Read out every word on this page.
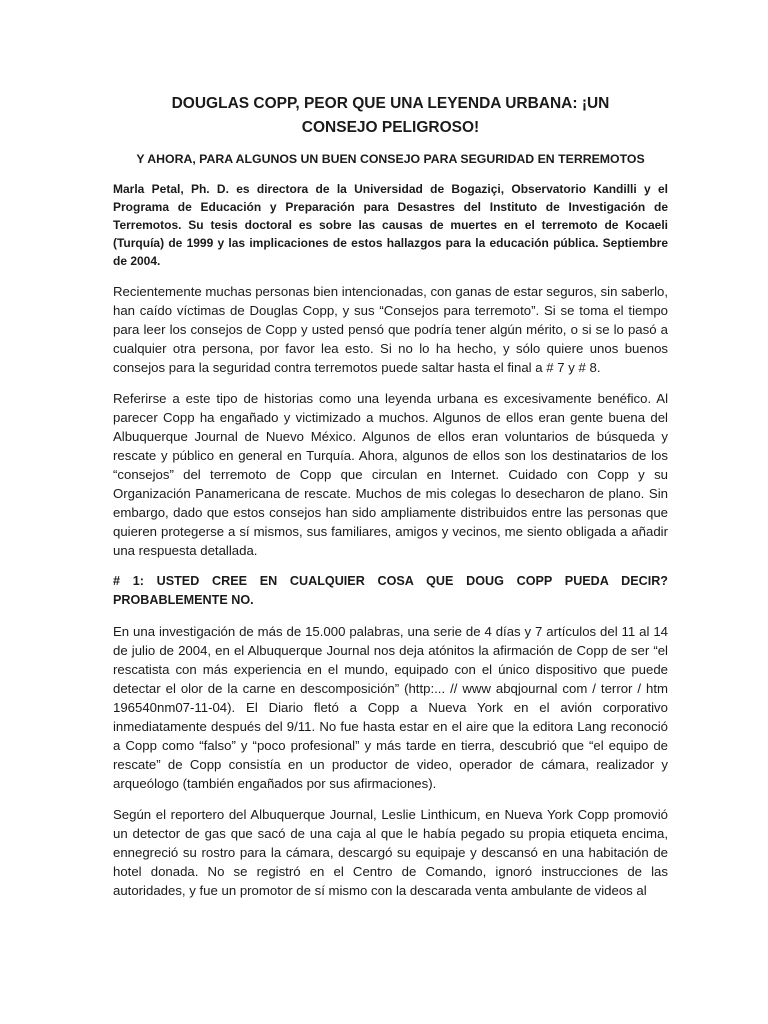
DOUGLAS COPP, PEOR QUE UNA LEYENDA URBANA: ¡UN CONSEJO PELIGROSO!
Y AHORA, PARA ALGUNOS UN BUEN CONSEJO PARA SEGURIDAD EN TERREMOTOS

Marla Petal, Ph. D. es directora de la Universidad de Bogaziçi, Observatorio Kandilli y el Programa de Educación y Preparación para Desastres del Instituto de Investigación de Terremotos. Su tesis doctoral es sobre las causas de muertes en el terremoto de Kocaeli (Turquía) de 1999 y las implicaciones de estos hallazgos para la educación pública. Septiembre de 2004.

Recientemente muchas personas bien intencionadas, con ganas de estar seguros, sin saberlo, han caído víctimas de Douglas Copp, y sus “Consejos para terremoto”. Si se toma el tiempo para leer los consejos de Copp y usted pensó que podría tener algún mérito, o si se lo pasó a cualquier otra persona, por favor lea esto. Si no lo ha hecho, y sólo quiere unos buenos consejos para la seguridad contra terremotos puede saltar hasta el final a # 7 y # 8.

Referirse a este tipo de historias como una leyenda urbana es excesivamente benéfico. Al parecer Copp ha engañado y victimizado a muchos. Algunos de ellos eran gente buena del Albuquerque Journal de Nuevo México. Algunos de ellos eran voluntarios de búsqueda y rescate y público en general en Turquía. Ahora, algunos de ellos son los destinatarios de los “consejos” del terremoto de Copp que circulan en Internet. Cuidado con Copp y su Organización Panamericana de rescate. Muchos de mis colegas lo desecharon de plano. Sin embargo, dado que estos consejos han sido ampliamente distribuidos entre las personas que quieren protegerse a sí mismos, sus familiares, amigos y vecinos, me siento obligada a añadir una respuesta detallada.

# 1: USTED CREE EN CUALQUIER COSA QUE DOUG COPP PUEDA DECIR? PROBABLEMENTE NO.

En una investigación de más de 15.000 palabras, una serie de 4 días y 7 artículos del 11 al 14 de julio de 2004, en el Albuquerque Journal nos deja atónitos la afirmación de Copp de ser “el rescatista con más experiencia en el mundo, equipado con el único dispositivo que puede detectar el olor de la carne en descomposición” (http:... // www abqjournal com / terror / htm 196540nm07-11-04). El Diario fletó a Copp a Nueva York en el avión corporativo inmediatamente después del 9/11. No fue hasta estar en el aire que la editora Lang reconoció a Copp como “falso” y “poco profesional” y más tarde en tierra, descubrió que “el equipo de rescate” de Copp consistía en un productor de video, operador de cámara, realizador y arqueólogo (también engañados por sus afirmaciones).

Según el reportero del Albuquerque Journal, Leslie Linthicum, en Nueva York Copp promovió un detector de gas que sacó de una caja al que le había pegado su propia etiqueta encima, ennegreció su rostro para la cámara, descargó su equipaje y descansó en una habitación de hotel donada. No se registró en el Centro de Comando, ignoró instrucciones de las autoridades, y fue un promotor de sí mismo con la descarada venta ambulante de videos al
